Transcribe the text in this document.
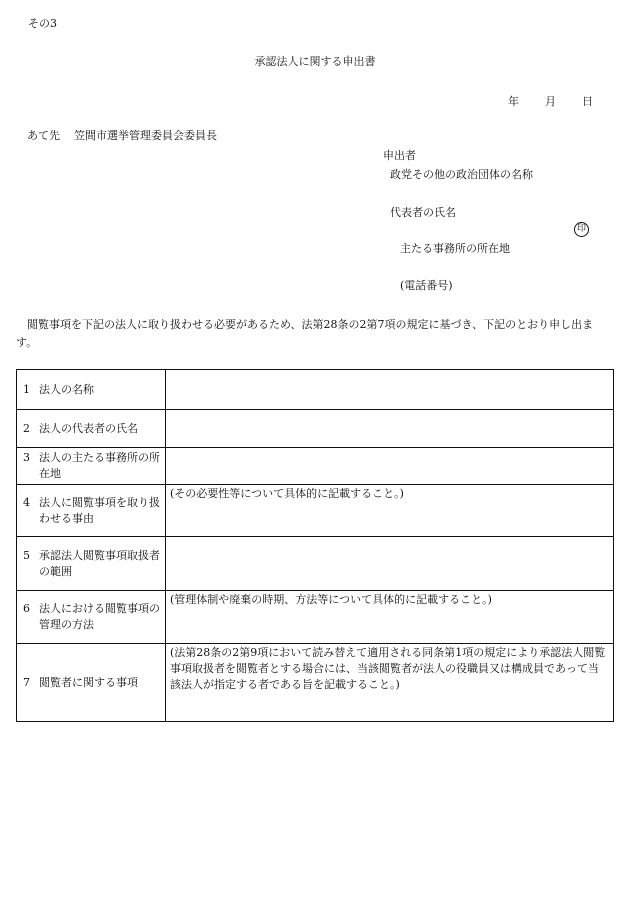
その3
承認法人に関する申出書
年 月 日
あて先 笠間市選挙管理委員会委員長
申出者
政党その他の政治団体の名称
代表者の氏名
印
主たる事務所の所在地
(電話番号)
閲覧事項を下記の法人に取り扱わせる必要があるため、法第28条の2第7項の規定に基づき、下記のとおり申し出ます。
1 法人の名称	

2 法人の代表者の氏名	

3 法人の主たる事務所の所在地	

4 法人に閲覧事項を取り扱わせる事由	(その必要性等について具体的に記載すること。)

5 承認法人閲覧事項取扱者の範囲	

6 法人における閲覧事項の管理の方法	(管理体制や廃棄の時期、方法等について具体的に記載すること。)

7 閲覧者に関する事項	(法第28条の2第9項において読み替えて適用される同条第1項の規定により承認法人閲覧事項取扱者を閲覧者とする場合には、当該閲覧者が法人の役職員又は構成員であって当該法人が指定する者である旨を記載すること。)
